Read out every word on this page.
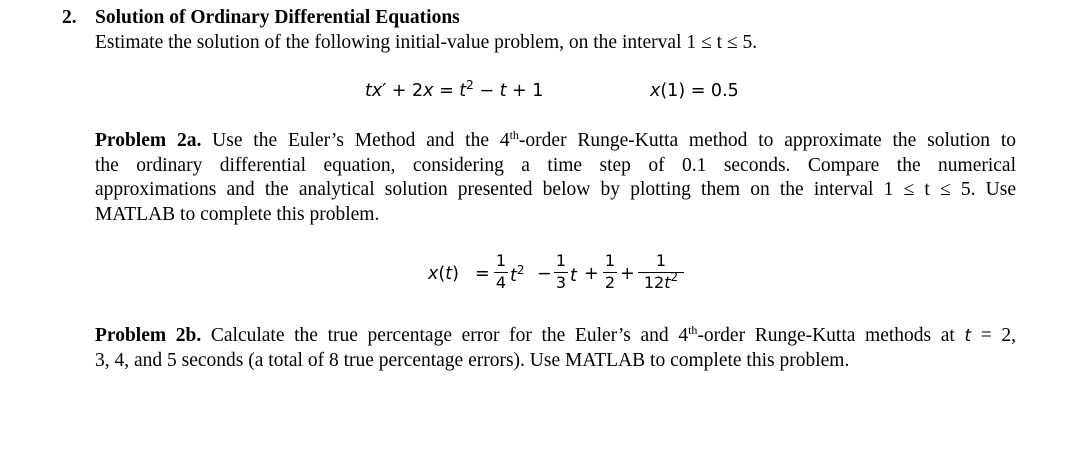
2. Solution of Ordinary Differential Equations
Estimate the solution of the following initial-value problem, on the interval 1 ≤ t ≤ 5.
$tx' + 2x = t^2 - t + 1$	x(1) = 0.5
Problem 2a. Use the Euler’s Method and the 4th-order Runge-Kutta method to approximate the solution to
the ordinary differential equation, considering a time step of 0.1 seconds. Compare the numerical
approximations and the analytical solution presented below by plotting them on the interval 1 ≤ t ≤ 5. Use
MATLAB to complete this problem.
x(t) =
1
4 $t^2$ −
1
3 t +
1
2 +
1
$12t^2$
Problem 2b. Calculate the true percentage error for the Euler’s and 4th-order Runge-Kutta methods at t = 2,
3, 4, and 5 seconds (a total of 8 true percentage errors). Use MATLAB to complete this problem.
